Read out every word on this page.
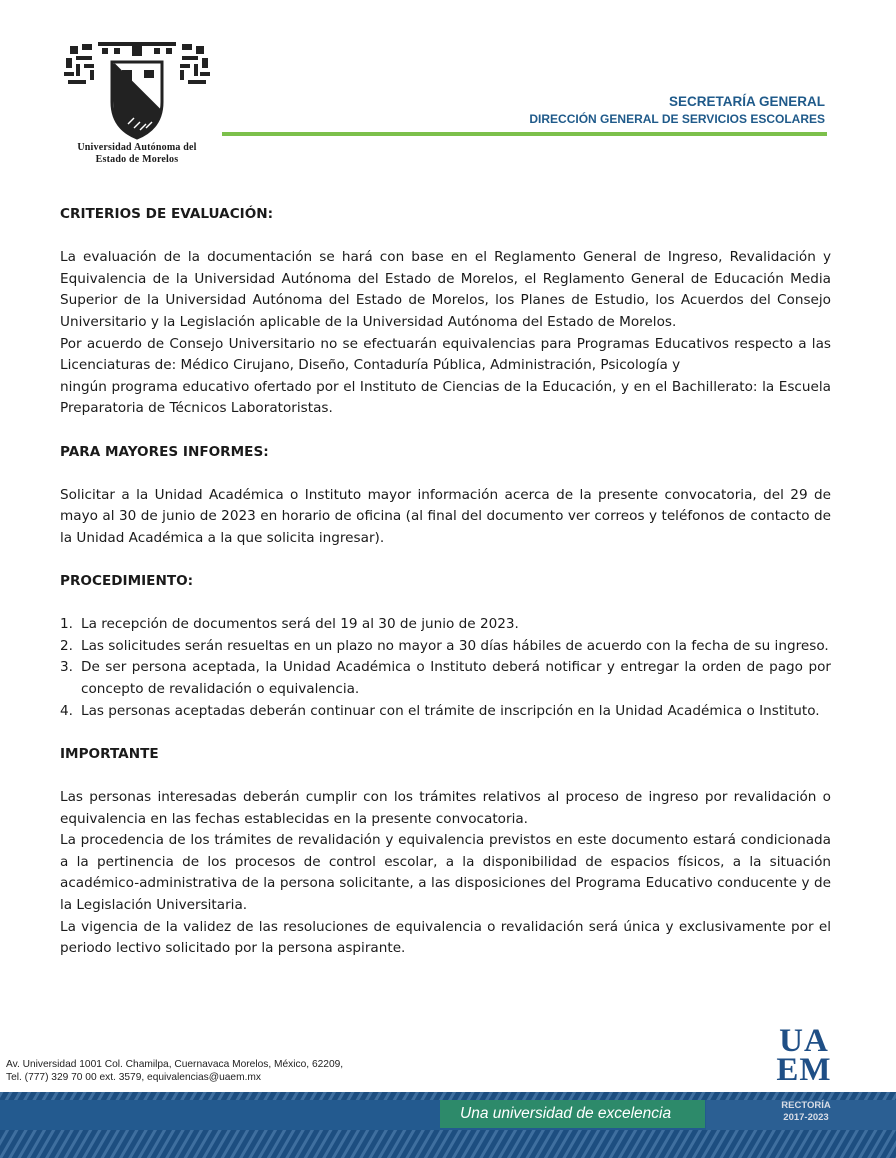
Universidad Autónoma del
Estado de Morelos
SECRETARÍA GENERAL
DIRECCIÓN GENERAL DE SERVICIOS ESCOLARES

CRITERIOS DE EVALUACIÓN:

La evaluación de la documentación se hará con base en el Reglamento General de Ingreso, Revalidación y Equivalencia de la Universidad Autónoma del Estado de Morelos, el Reglamento General de Educación Media Superior de la Universidad Autónoma del Estado de Morelos, los Planes de Estudio, los Acuerdos del Consejo Universitario y la Legislación aplicable de la Universidad Autónoma del Estado de Morelos.

Por acuerdo de Consejo Universitario no se efectuarán equivalencias para Programas Educativos respecto a las Licenciaturas de: Médico Cirujano, Diseño, Contaduría Pública, Administración, Psicología y

ningún programa educativo ofertado por el Instituto de Ciencias de la Educación, y en el Bachillerato: la Escuela Preparatoria de Técnicos Laboratoristas.

PARA MAYORES INFORMES:

Solicitar a la Unidad Académica o Instituto mayor información acerca de la presente convocatoria, del 29 de mayo al 30 de junio de 2023 en horario de oficina (al final del documento ver correos y teléfonos de contacto de la Unidad Académica a la que solicita ingresar).

PROCEDIMIENTO:

1. La recepción de documentos será del 19 al 30 de junio de 2023.
2. Las solicitudes serán resueltas en un plazo no mayor a 30 días hábiles de acuerdo con la fecha de su ingreso.
3. De ser persona aceptada, la Unidad Académica o Instituto deberá notificar y entregar la orden de pago por concepto de revalidación o equivalencia.
4. Las personas aceptadas deberán continuar con el trámite de inscripción en la Unidad Académica o Instituto.

IMPORTANTE

Las personas interesadas deberán cumplir con los trámites relativos al proceso de ingreso por revalidación o equivalencia en las fechas establecidas en la presente convocatoria.

La procedencia de los trámites de revalidación y equivalencia previstos en este documento estará condicionada a la pertinencia de los procesos de control escolar, a la disponibilidad de espacios físicos, a la situación académico-administrativa de la persona solicitante, a las disposiciones del Programa Educativo conducente y de la Legislación Universitaria.

La vigencia de la validez de las resoluciones de equivalencia o revalidación será única y exclusivamente por el periodo lectivo solicitado por la persona aspirante.

Av. Universidad 1001 Col. Chamilpa, Cuernavaca Morelos, México, 62209,
Tel. (777) 329 70 00 ext. 3579, equivalencias@uaem.mx
UA
EM
Una universidad de excelencia	RECTORÍA
2017-2023
